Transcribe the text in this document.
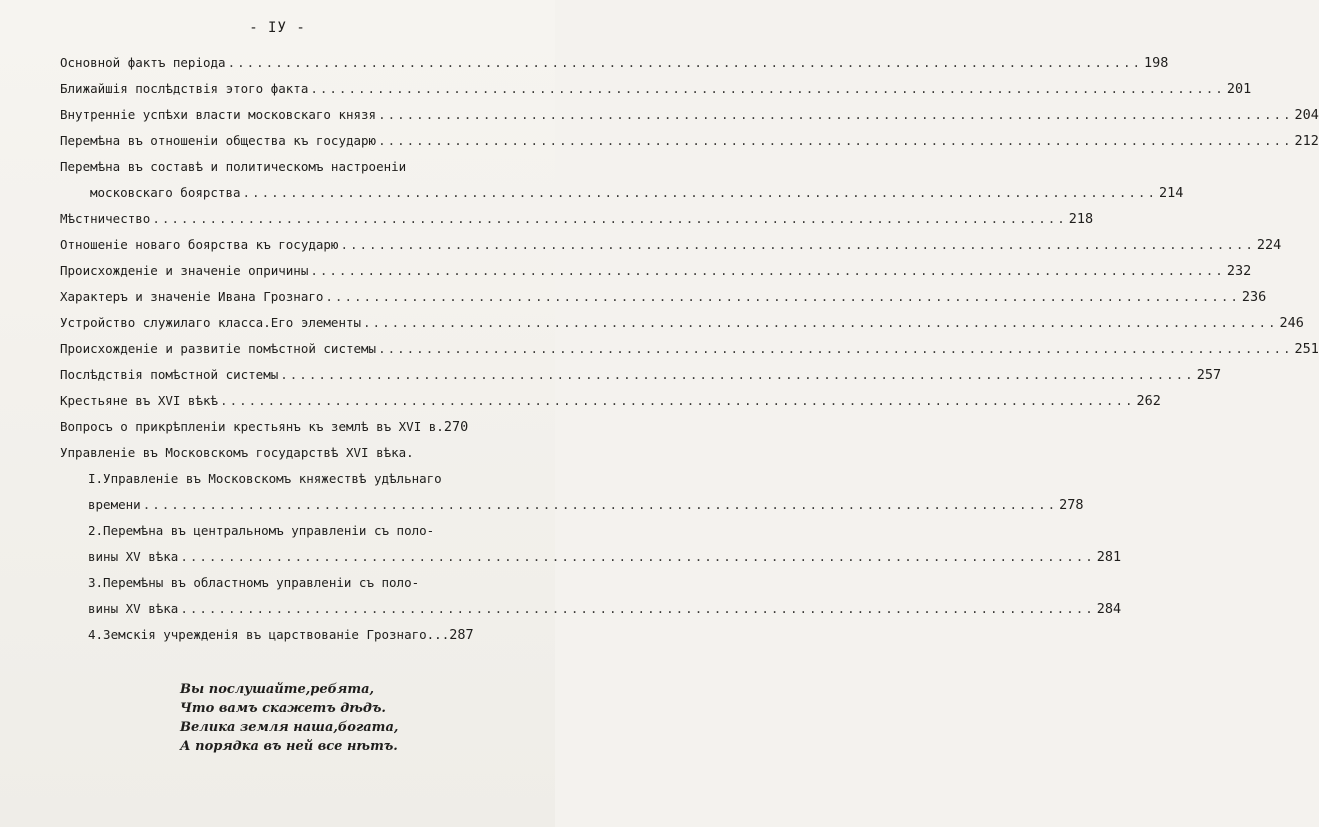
- IУ -
Основной фактъ періода ................................................................................................ 198
Ближайшія послѣдствія этого факта ................................................................................................ 201
Внутренніе успѣхи власти московскаго князя ................................................................................................ 204
Перемѣна въ отношеніи общества къ государю ................................................................................................ 212
Перемѣна въ составѣ и политическомъ настроеніи
московскаго боярства ................................................................................................ 214
Мѣстничество ................................................................................................ 218
Отношеніе новаго боярства къ государю ................................................................................................ 224
Происхожденіе и значеніе опричины ................................................................................................ 232
Характеръ и значеніе Ивана Грознаго ................................................................................................ 236
Устройство служилаго класса.Его элементы ................................................................................................ 246
Происхожденіе и развитіе помѣстной системы ................................................................................................ 251
Послѣдствія помѣстной системы ................................................................................................ 257
Крестьяне въ XVI вѣкѣ ................................................................................................ 262
Вопросъ о прикрѣпленіи крестьянъ къ землѣ въ XVI в. 270
Управленіе въ Московскомъ государствѣ XVI вѣка.
I.Управленіе въ Московскомъ княжествѣ удѣльнаго
времени ................................................................................................ 278
2.Перемѣна въ центральномъ управленіи съ поло-
вины XV вѣка ................................................................................................ 281
3.Перемѣны въ областномъ управленіи съ поло-
вины XV вѣка ................................................................................................ 284
4.Земскія учрежденія въ царствованіе Грознаго... 287
Вы послушайте,ребята,
Что вамъ скажетъ дѣдъ.
Велика земля наша,богата,
А порядка въ ней все нѣтъ.
